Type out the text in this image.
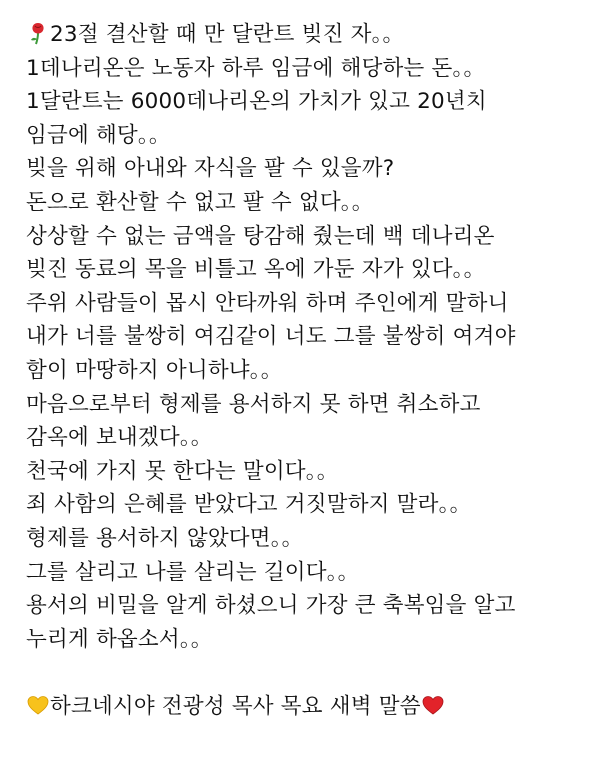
23절 결산할 때 만 달란트 빚진 자。。
1데나리온은 노동자 하루 임금에 해당하는 돈。。
1달란트는 6000데나리온의 가치가 있고 20년치
임금에 해당。。
빚을 위해 아내와 자식을 팔 수 있을까?
돈으로 환산할 수 없고 팔 수 없다。。
상상할 수 없는 금액을 탕감해 줬는데 백 데나리온
빚진 동료의 목을 비틀고 옥에 가둔 자가 있다。。
주위 사람들이 몹시 안타까워 하며 주인에게 말하니
내가 너를 불쌍히 여김같이 너도 그를 불쌍히 여겨야
함이 마땅하지 아니하냐。。
마음으로부터 형제를 용서하지 못 하면 취소하고
감옥에 보내겠다。。
천국에 가지 못 한다는 말이다。。
죄 사함의 은혜를 받았다고 거짓말하지 말라。。
형제를 용서하지 않았다면。。
그를 살리고 나를 살리는 길이다。。
용서의 비밀을 알게 하셨으니 가장 큰 축복임을 알고
누리게 하옵소서。。
하크네시야 전광성 목사 목요 새벽 말씀
